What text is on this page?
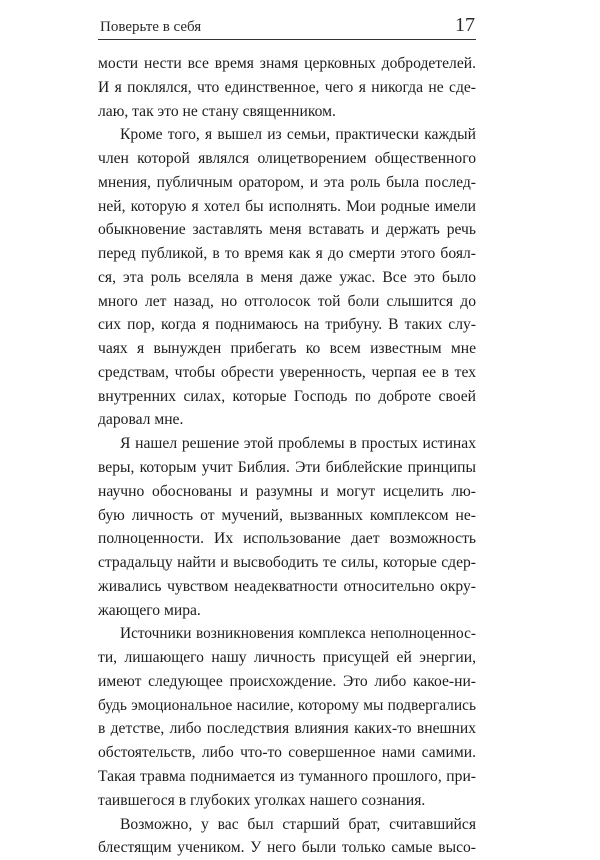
Поверьте в себя	17
мости нести все время знамя церковных добродетелей.
И я поклялся, что единственное, чего я никогда не сде-
лаю, так это не стану священником.
Кроме того, я вышел из семьи, практически каждый
член которой являлся олицетворением общественного
мнения, публичным оратором, и эта роль была послед-
ней, которую я хотел бы исполнять. Мои родные имели
обыкновение заставлять меня вставать и держать речь
перед публикой, в то время как я до смерти этого боял-
ся, эта роль вселяла в меня даже ужас. Все это было
много лет назад, но отголосок той боли слышится до
сих пор, когда я поднимаюсь на трибуну. В таких слу-
чаях я вынужден прибегать ко всем известным мне
средствам, чтобы обрести уверенность, черпая ее в тех
внутренних силах, которые Господь по доброте своей
даровал мне.
Я нашел решение этой проблемы в простых истинах
веры, которым учит Библия. Эти библейские принципы
научно обоснованы и разумны и могут исцелить лю-
бую личность от мучений, вызванных комплексом не-
полноценности. Их использование дает возможность
страдальцу найти и высвободить те силы, которые сдер-
живались чувством неадекватности относительно окру-
жающего мира.
Источники возникновения комплекса неполноценнос-
ти, лишающего нашу личность присущей ей энергии,
имеют следующее происхождение. Это либо какое-ни-
будь эмоциональное насилие, которому мы подвергались
в детстве, либо последствия влияния каких-то внешних
обстоятельств, либо что-то совершенное нами самими.
Такая травма поднимается из туманного прошлого, при-
таившегося в глубоких уголках нашего сознания.
Возможно, у вас был старший брат, считавшийся
блестящим учеником. У него были только самые высо-
